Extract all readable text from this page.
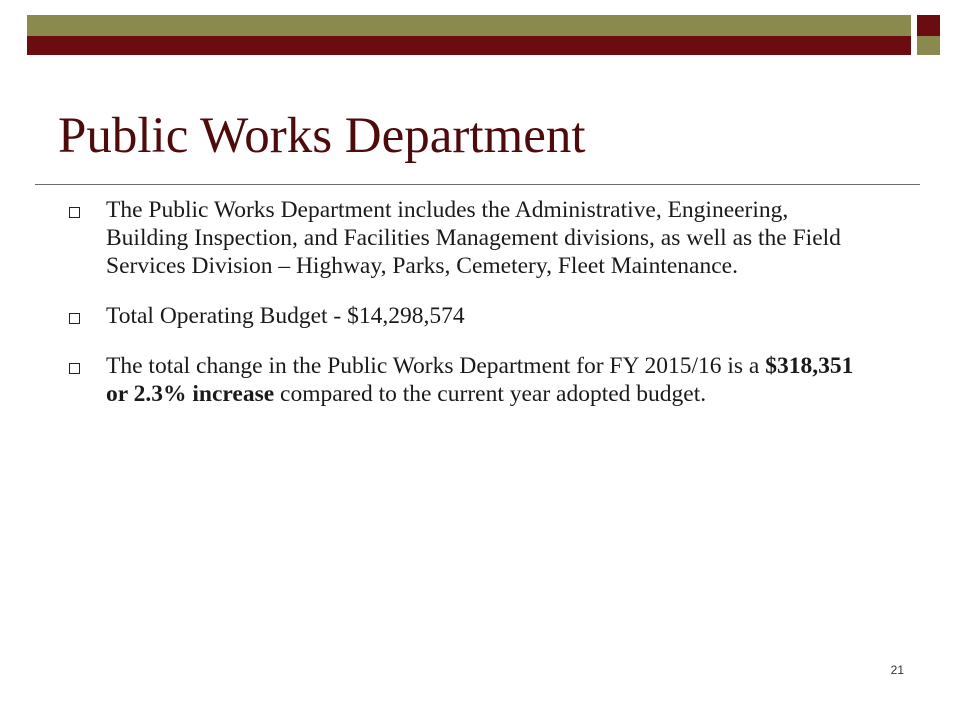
Public Works Department
The Public Works Department includes the Administrative, Engineering, Building Inspection, and Facilities Management divisions, as well as the Field Services Division – Highway, Parks, Cemetery, Fleet Maintenance.
Total Operating Budget - $14,298,574
The total change in the Public Works Department for FY 2015/16 is a $318,351 or 2.3% increase compared to the current year adopted budget.
21
